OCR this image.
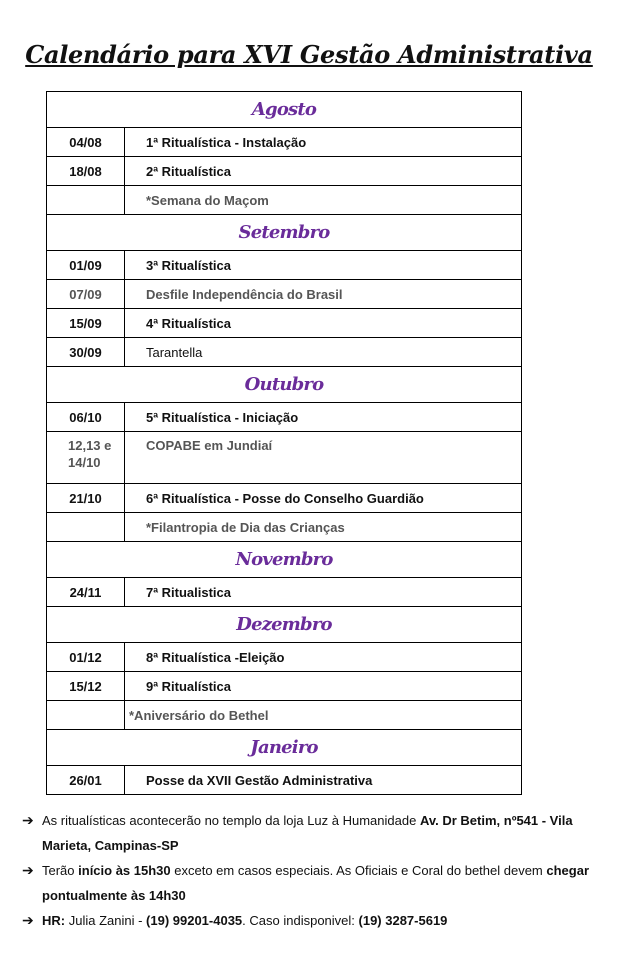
Calendário para XVI Gestão Administrativa
Agosto	
04/08	1ª Ritualística - Instalação
18/08	2ª Ritualística
	*Semana do Maçom
Setembro	
01/09	3ª Ritualística
07/09	Desfile Independência do Brasil
15/09	4ª Ritualística
30/09	Tarantella
Outubro	
06/10	5ª Ritualística - Iniciação
12,13 e
14/10	COPABE em Jundiaí
21/10	6ª Ritualística - Posse do Conselho Guardião
	*Filantropia de Dia das Crianças
Novembro	
24/11	7ª Ritualistica
Dezembro	
01/12	8ª Ritualística -Eleição
15/12	9ª Ritualística
	*Aniversário do Bethel
Janeiro	
26/01	Posse da XVII Gestão Administrativa
➔ As ritualísticas acontecerão no templo da loja Luz à Humanidade Av. Dr Betim, nº541 - Vila Marieta, Campinas-SP
➔ Terão início às 15h30 exceto em casos especiais. As Oficiais e Coral do bethel devem chegar pontualmente às 14h30
➔ HR: Julia Zanini - (19) 99201-4035. Caso indisponivel: (19) 3287-5619
